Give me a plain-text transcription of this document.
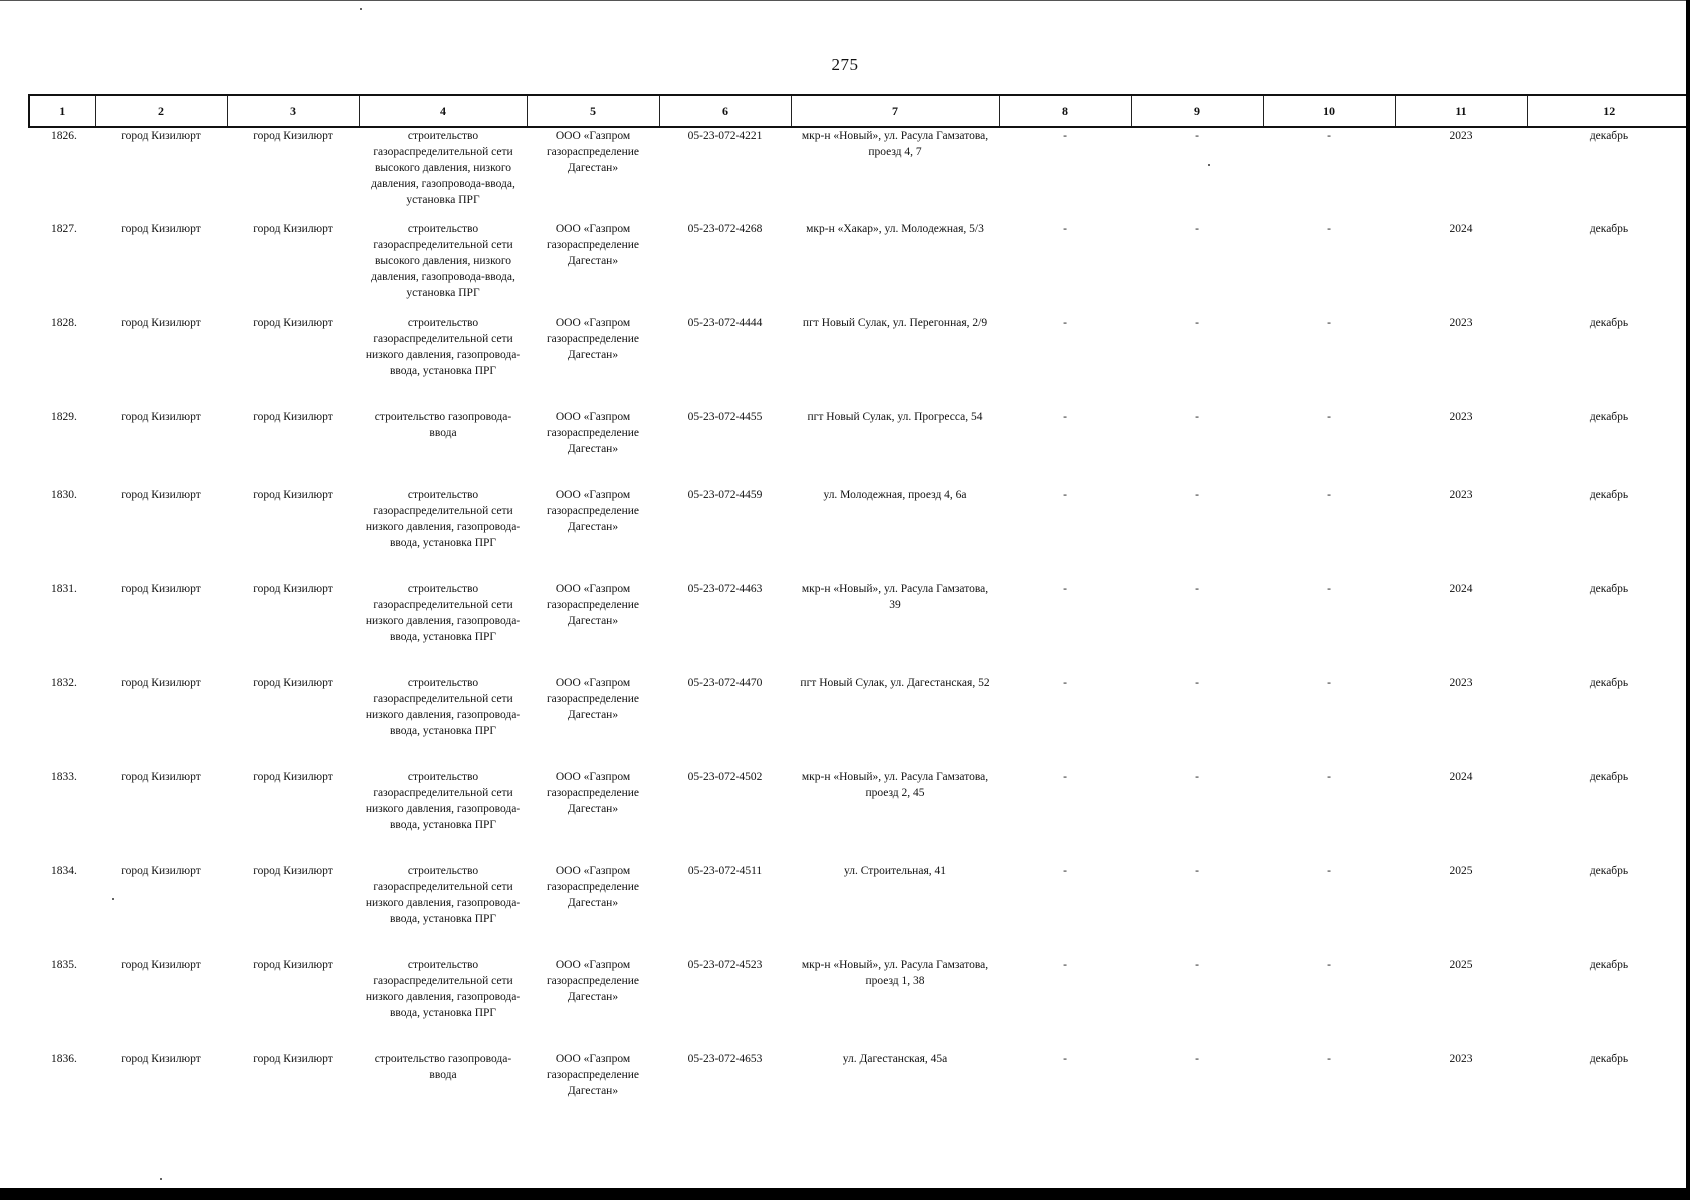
275
1	2	3	4	5	6	7	8	9	10	11	12
1826.	город Кизилюрт	город Кизилюрт	строительство газораспределительной сети высокого давления, низкого давления, газопровода-ввода, установка ПРГ	ООО «Газпром газораспределение Дагестан»	05-23-072-4221	мкр-н «Новый», ул. Расула Гамзатова, проезд 4, 7	-	-	-	2023	декабрь
1827.	город Кизилюрт	город Кизилюрт	строительство газораспределительной сети высокого давления, низкого давления, газопровода-ввода, установка ПРГ	ООО «Газпром газораспределение Дагестан»	05-23-072-4268	мкр-н «Хакар», ул. Молодежная, 5/3	-	-	-	2024	декабрь
1828.	город Кизилюрт	город Кизилюрт	строительство газораспределительной сети низкого давления, газопровода-ввода, установка ПРГ	ООО «Газпром газораспределение Дагестан»	05-23-072-4444	пгт Новый Сулак, ул. Перегонная, 2/9	-	-	-	2023	декабрь
1829.	город Кизилюрт	город Кизилюрт	строительство газопровода-ввода	ООО «Газпром газораспределение Дагестан»	05-23-072-4455	пгт Новый Сулак, ул. Прогресса, 54	-	-	-	2023	декабрь
1830.	город Кизилюрт	город Кизилюрт	строительство газораспределительной сети низкого давления, газопровода-ввода, установка ПРГ	ООО «Газпром газораспределение Дагестан»	05-23-072-4459	ул. Молодежная, проезд 4, 6а	-	-	-	2023	декабрь
1831.	город Кизилюрт	город Кизилюрт	строительство газораспределительной сети низкого давления, газопровода-ввода, установка ПРГ	ООО «Газпром газораспределение Дагестан»	05-23-072-4463	мкр-н «Новый», ул. Расула Гамзатова, 39	-	-	-	2024	декабрь
1832.	город Кизилюрт	город Кизилюрт	строительство газораспределительной сети низкого давления, газопровода-ввода, установка ПРГ	ООО «Газпром газораспределение Дагестан»	05-23-072-4470	пгт Новый Сулак, ул. Дагестанская, 52	-	-	-	2023	декабрь
1833.	город Кизилюрт	город Кизилюрт	строительство газораспределительной сети низкого давления, газопровода-ввода, установка ПРГ	ООО «Газпром газораспределение Дагестан»	05-23-072-4502	мкр-н «Новый», ул. Расула Гамзатова, проезд 2, 45	-	-	-	2024	декабрь
1834.	город Кизилюрт	город Кизилюрт	строительство газораспределительной сети низкого давления, газопровода-ввода, установка ПРГ	ООО «Газпром газораспределение Дагестан»	05-23-072-4511	ул. Строительная, 41	-	-	-	2025	декабрь
1835.	город Кизилюрт	город Кизилюрт	строительство газораспределительной сети низкого давления, газопровода-ввода, установка ПРГ	ООО «Газпром газораспределение Дагестан»	05-23-072-4523	мкр-н «Новый», ул. Расула Гамзатова, проезд 1, 38	-	-	-	2025	декабрь
1836.	город Кизилюрт	город Кизилюрт	строительство газопровода-ввода	ООО «Газпром газораспределение Дагестан»	05-23-072-4653	ул. Дагестанская, 45а	-	-	-	2023	декабрь
